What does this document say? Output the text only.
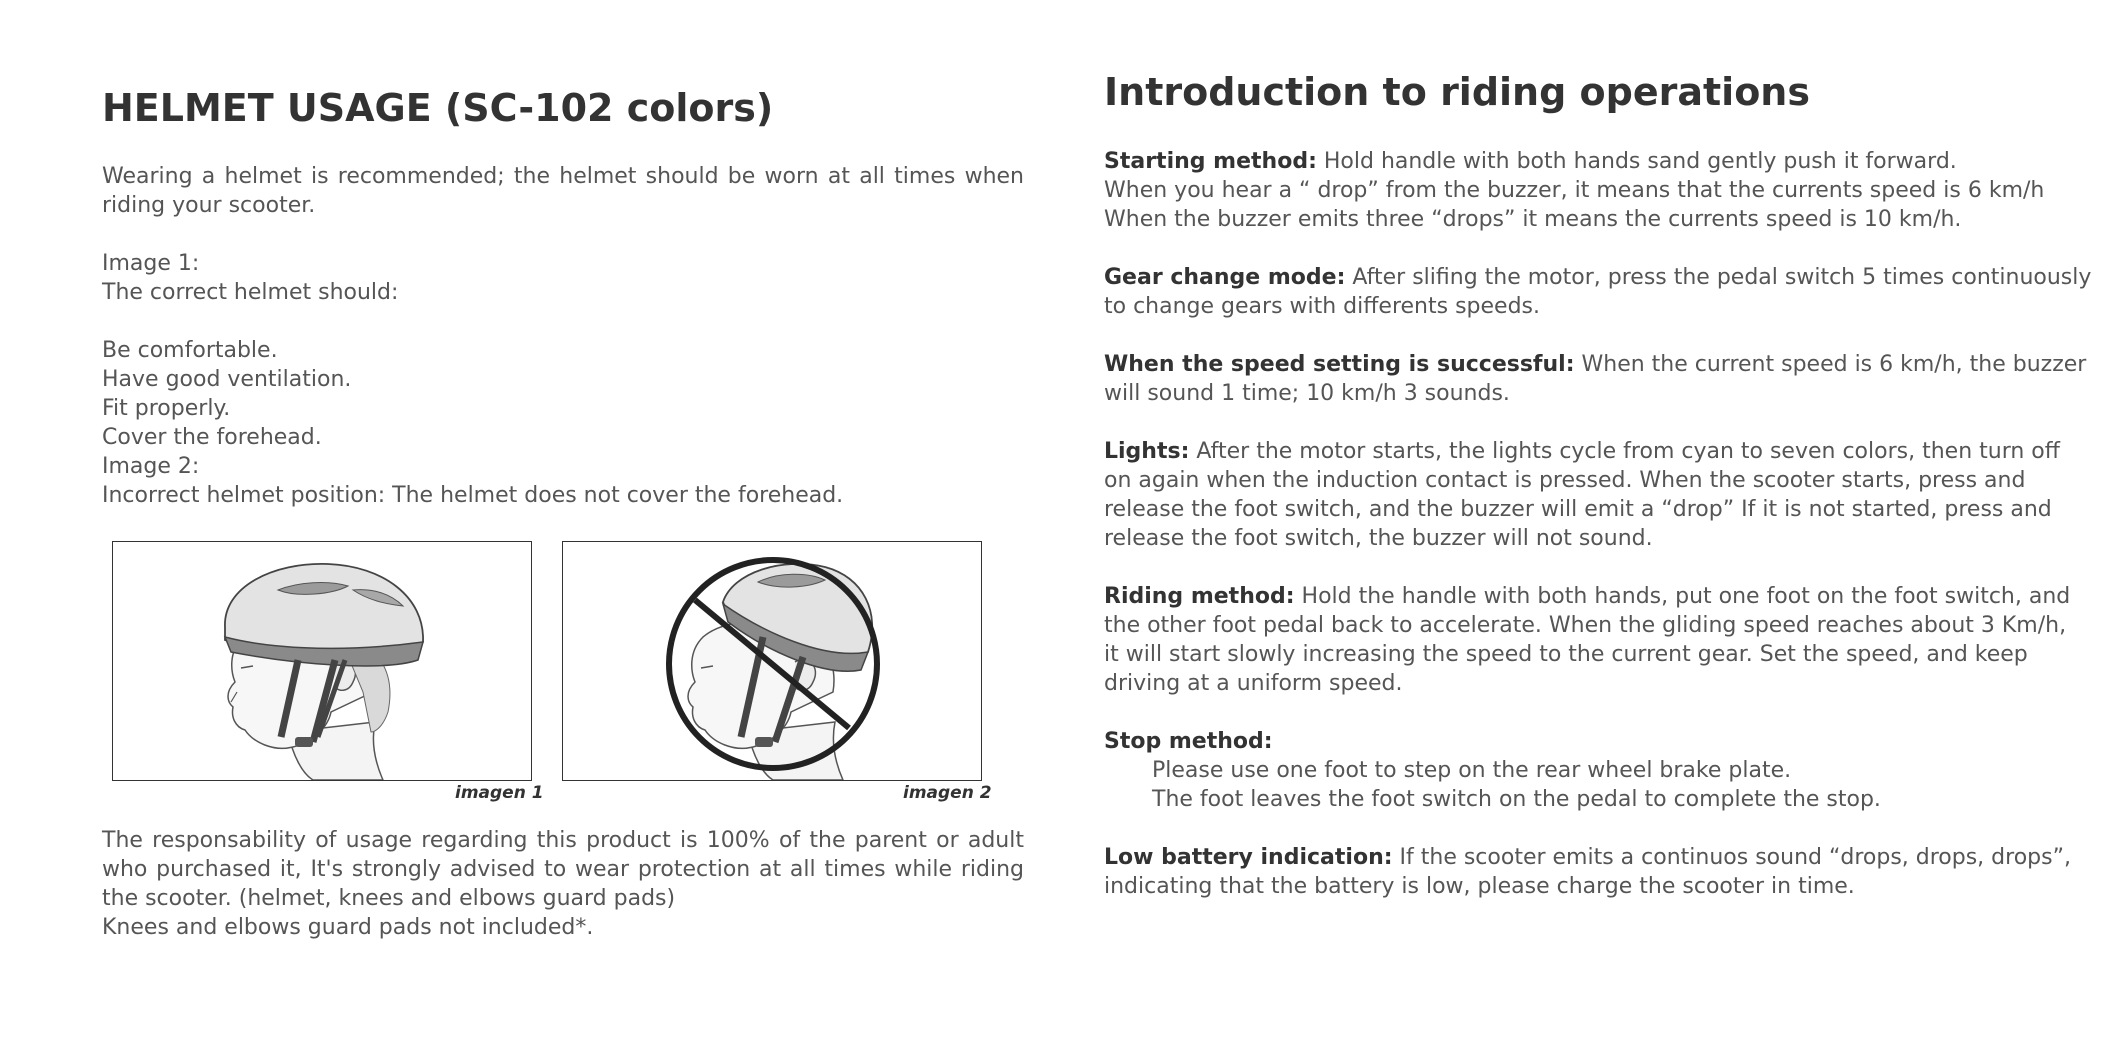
HELMET USAGE (SC-102 colors)
Wearing a helmet is recommended; the helmet should be worn at all times when
riding your scooter.
Image 1:
The correct helmet should:
Be comfortable.
Have good ventilation.
Fit properly.
Cover the forehead.
Image 2:
Incorrect helmet position: The helmet does not cover the forehead.
imagen 1	imagen 2
The responsability of usage regarding this product is 100% of the parent or adult
who purchased it, It's strongly advised to wear protection at all times while riding
the scooter. (helmet, knees and elbows guard pads)
Knees and elbows guard pads not included*.
Introduction to riding operations
Starting method: Hold handle with both hands sand gently push it forward.
When you hear a “ drop” from the buzzer, it means that the currents speed is 6 km/h
When the buzzer emits three “drops” it means the currents speed is 10 km/h.
Gear change mode: After slifing the motor, press the pedal switch 5 times continuously
to change gears with differents speeds.
When the speed setting is successful: When the current speed is 6 km/h, the buzzer
will sound 1 time; 10 km/h 3 sounds.
Lights: After the motor starts, the lights cycle from cyan to seven colors, then turn off
on again when the induction contact is pressed. When the scooter starts, press and
release the foot switch, and the buzzer will emit a “drop” If it is not started, press and
release the foot switch, the buzzer will not sound.
Riding method: Hold the handle with both hands, put one foot on the foot switch, and
the other foot pedal back to accelerate. When the gliding speed reaches about 3 Km/h,
it will start slowly increasing the speed to the current gear. Set the speed, and keep
driving at a uniform speed.
Stop method:
Please use one foot to step on the rear wheel brake plate.
The foot leaves the foot switch on the pedal to complete the stop.
Low battery indication: If the scooter emits a continuos sound “drops, drops, drops”,
indicating that the battery is low, please charge the scooter in time.
